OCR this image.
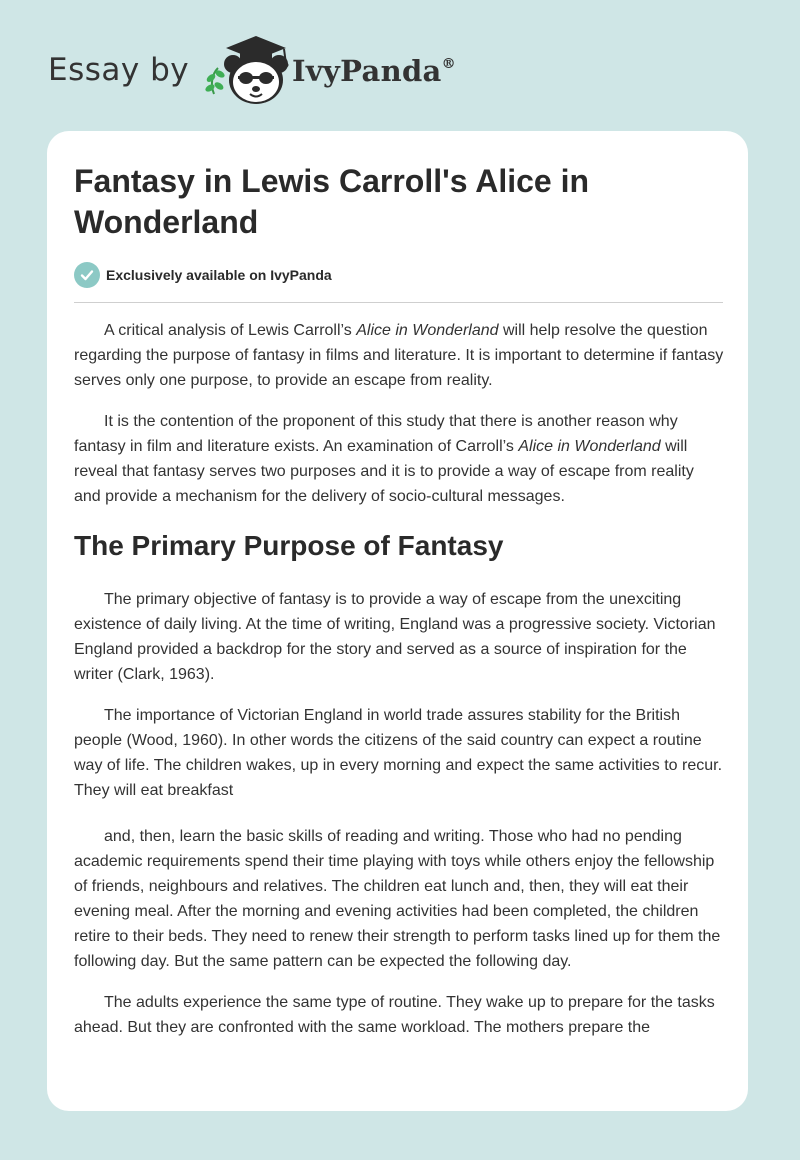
Essay by	IvyPanda®
Fantasy in Lewis Carroll's Alice in Wonderland
Exclusively available on IvyPanda

A critical analysis of Lewis Carroll’s Alice in Wonderland will help resolve the question regarding the purpose of fantasy in films and literature. It is important to determine if fantasy serves only one purpose, to provide an escape from reality.

It is the contention of the proponent of this study that there is another reason why fantasy in film and literature exists. An examination of Carroll’s Alice in Wonderland will reveal that fantasy serves two purposes and it is to provide a way of escape from reality and provide a mechanism for the delivery of socio-cultural messages.

The Primary Purpose of Fantasy

The primary objective of fantasy is to provide a way of escape from the unexciting existence of daily living. At the time of writing, England was a progressive society. Victorian England provided a backdrop for the story and served as a source of inspiration for the writer (Clark, 1963).

The importance of Victorian England in world trade assures stability for the British people (Wood, 1960). In other words the citizens of the said country can expect a routine way of life. The children wakes, up in every morning and expect the same activities to recur. They will eat breakfast

and, then, learn the basic skills of reading and writing. Those who had no pending academic requirements spend their time playing with toys while others enjoy the fellowship of friends, neighbours and relatives. The children eat lunch and, then, they will eat their evening meal. After the morning and evening activities had been completed, the children retire to their beds. They need to renew their strength to perform tasks lined up for them the following day. But the same pattern can be expected the following day.

The adults experience the same type of routine. They wake up to prepare for the tasks ahead. But they are confronted with the same workload. The mothers prepare the
